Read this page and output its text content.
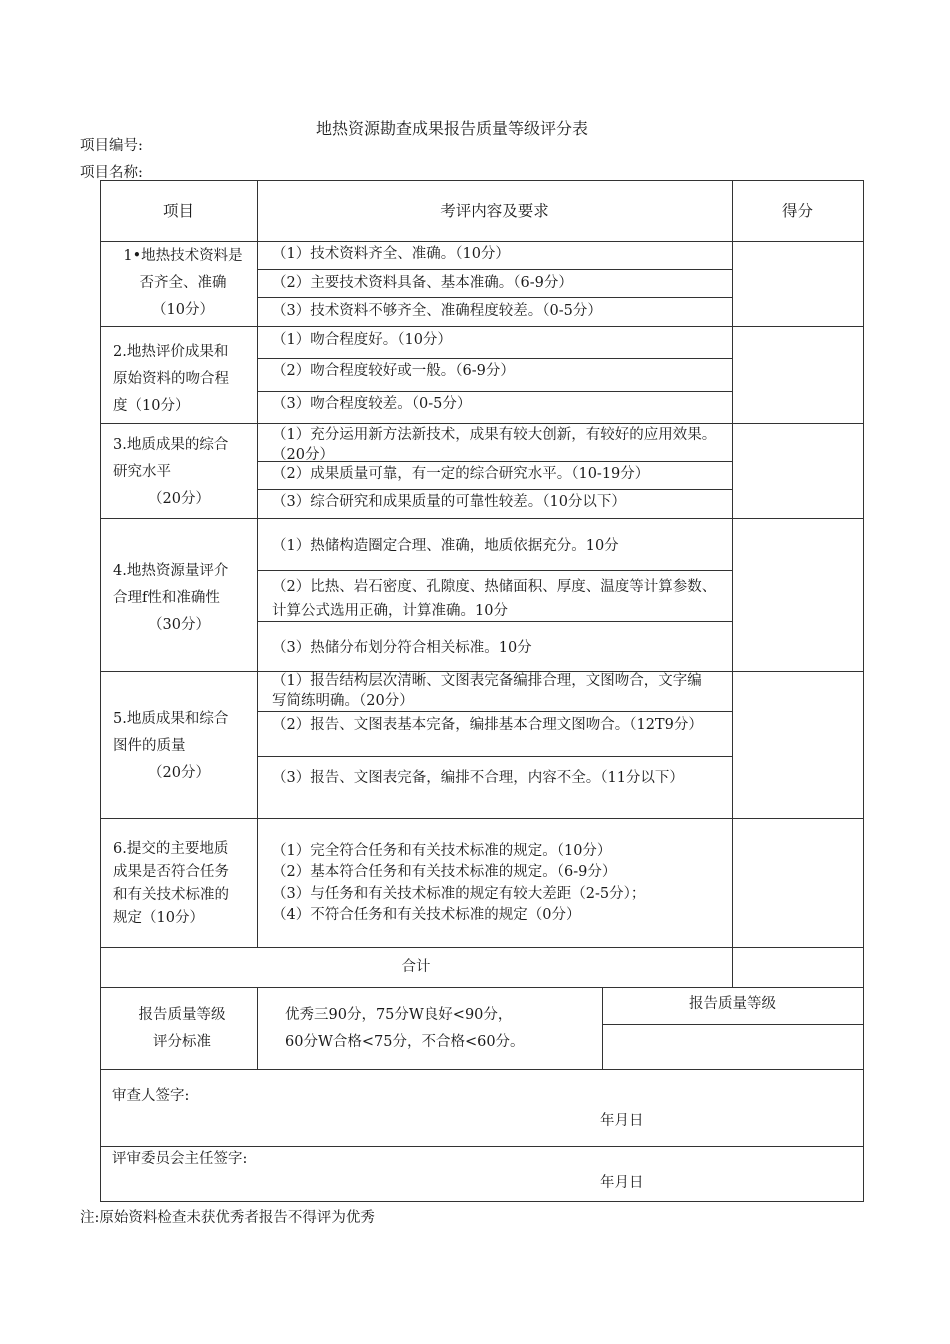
地热资源勘查成果报告质量等级评分表
项目编号:
项目名称:
项目	考评内容及要求	得分
1•地热技术资料是
否齐全、准确
（10分）
（1）技术资料齐全、准确。（10分）
（2）主要技术资料具备、基本准确。（6-9分）
（3）技术资料不够齐全、准确程度较差。（0-5分）
2.地热评价成果和
原始资料的吻合程
度（10分）
（1）吻合程度好。（10分）
（2）吻合程度较好或一般。（6-9分）
（3）吻合程度较差。（0-5分）
3.地质成果的综合
研究水平
（20分）
（1）充分运用新方法新技术，成果有较大创新，有较好的应用效果。（20分）
（2）成果质量可靠，有一定的综合研究水平。（10-19分）
（3）综合研究和成果质量的可靠性较差。（10分以下）
4.地热资源量评介
合理f性和准确性
（30分）
（1）热储构造圈定合理、准确，地质依据充分。10分
（2）比热、岩石密度、孔隙度、热储面积、厚度、温度等计算参数、计算公式选用正确，计算准确。10分
（3）热储分布划分符合相关标准。10分
5.地质成果和综合
图件的质量
（20分）
（1）报告结构层次清晰、文图表完备编排合理，文图吻合，文字编写简练明确。（20分）
（2）报告、文图表基本完备，编排基本合理文图吻合。（12T9分）
（3）报告、文图表完备，编排不合理，内容不全。（11分以下）
6.提交的主要地质
成果是否符合任务
和有关技术标准的
规定（10分）
（1）完全符合任务和有关技术标准的规定。（10分）
（2）基本符合任务和有关技术标准的规定。（6-9分）
（3）与任务和有关技术标准的规定有较大差距（2-5分）；
（4）不符合任务和有关技术标准的规定（0分）
合计
报告质量等级评分标准
优秀三90分，75分W良好<90分，
60分W合格<75分，不合格<60分。
报告质量等级
审查人签字:
年月日
评审委员会主任签字:
年月日
注:原始资料检查未获优秀者报告不得评为优秀
